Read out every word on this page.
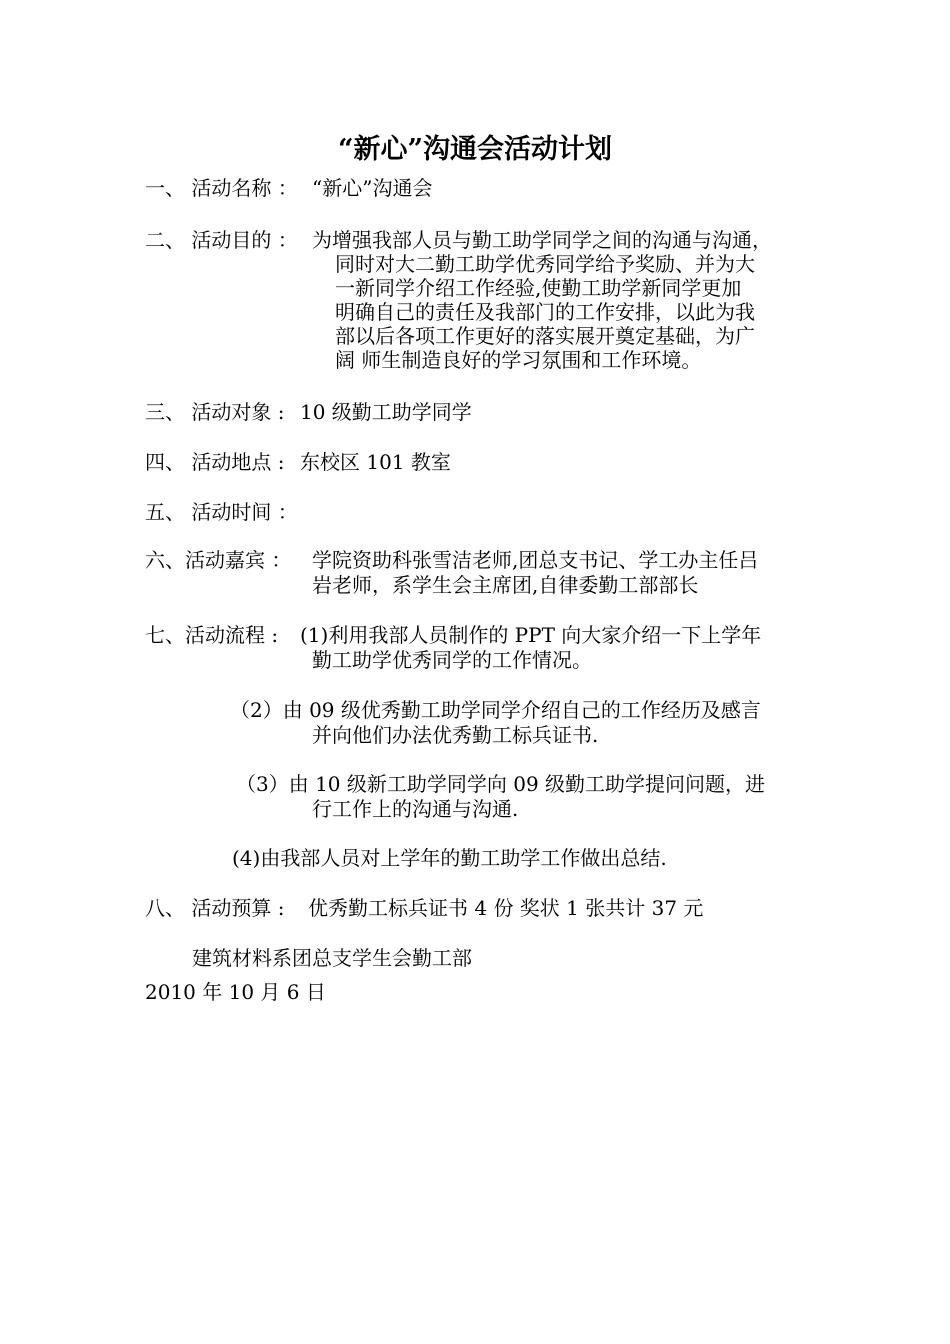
“新心”沟通会活动计划
一、 活动名称 ： “新心”沟通会
二、 活动目的 ： 为增强我部人员与勤工助学同学之间的沟通与沟通，
同时对大二勤工助学优秀同学给予奖励、并为大
一新同学介绍工作经验,使勤工助学新同学更加
明确自己的责任及我部门的工作安排，以此为我
部以后各项工作更好的落实展开奠定基础，为广
阔 师生制造良好的学习氛围和工作环境。
三、 活动对象 : 10 级勤工助学同学
四、 活动地点 : 东校区 101 教室
五、 活动时间 ：
六、活动嘉宾 ： 学院资助科张雪洁老师,团总支书记、学工办主任吕
岩老师，系学生会主席团,自律委勤工部部长
七、活动流程 : (1)利用我部人员制作的 PPT 向大家介绍一下上学年
勤工助学优秀同学的工作情况。
（2）由 09 级优秀勤工助学同学介绍自己的工作经历及感言
并向他们办法优秀勤工标兵证书.
（3）由 10 级新工助学同学向 09 级勤工助学提问问题，进
行工作上的沟通与沟通.
(4)由我部人员对上学年的勤工助学工作做出总结.
八、 活动预算 : 优秀勤工标兵证书 4 份 奖状 1 张共计 37 元
建筑材料系团总支学生会勤工部
2010 年 10 月 6 日
